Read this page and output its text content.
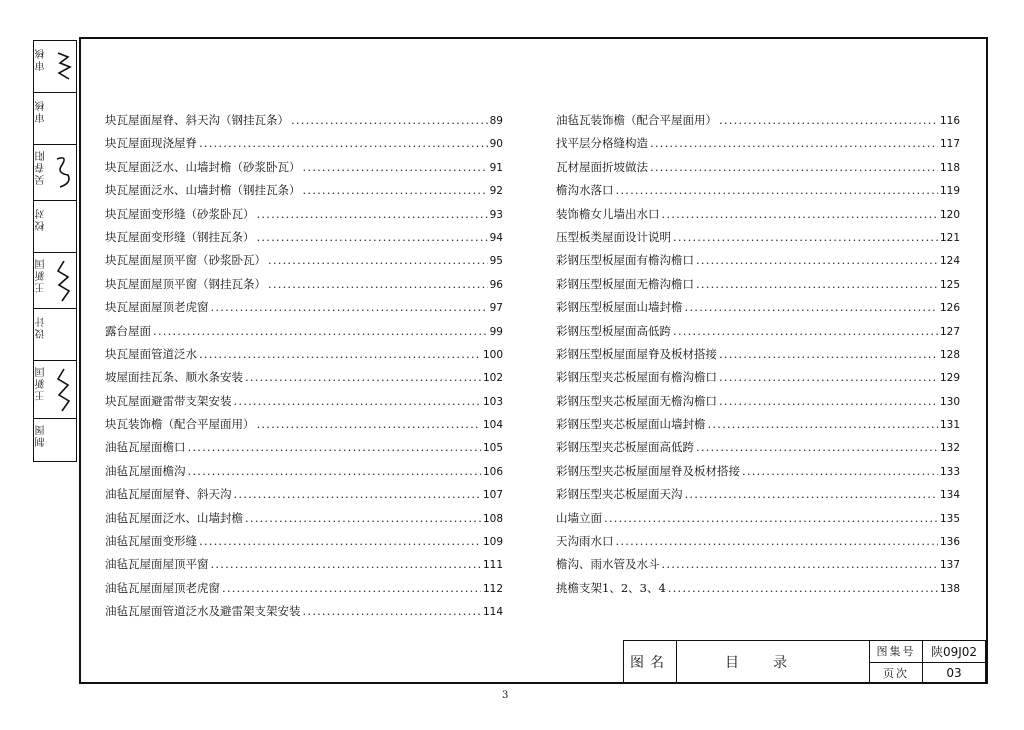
审核
审核
吴春阳
校对
王新国
设计
王新国
制图
块瓦屋面屋脊、斜天沟（钢挂瓦条） .....	89
块瓦屋面现浇屋脊 .....	90
块瓦屋面泛水、山墙封檐（砂浆卧瓦） .....	91
块瓦屋面泛水、山墙封檐（钢挂瓦条） .....	92
块瓦屋面变形缝（砂浆卧瓦） .....	93
块瓦屋面变形缝（钢挂瓦条） .....	94
块瓦屋面屋顶平窗（砂浆卧瓦） .....	95
块瓦屋面屋顶平窗（钢挂瓦条） .....	96
块瓦屋面屋顶老虎窗 .....	97
露台屋面 .....	99
块瓦屋面管道泛水 .....	100
坡屋面挂瓦条、顺水条安装 .....	102
块瓦屋面避雷带支架安装 .....	103
块瓦装饰檐（配合平屋面用） .....	104
油毡瓦屋面檐口 .....	105
油毡瓦屋面檐沟 .....	106
油毡瓦屋面屋脊、斜天沟 .....	107
油毡瓦屋面泛水、山墙封檐 .....	108
油毡瓦屋面变形缝 .....	109
油毡瓦屋面屋顶平窗 .....	111
油毡瓦屋面屋顶老虎窗 .....	112
油毡瓦屋面管道泛水及避雷架支架安装 .....	114
油毡瓦装饰檐（配合平屋面用） .....	116
找平层分格缝构造 .....	117
瓦材屋面折坡做法 .....	118
檐沟水落口 .....	119
装饰檐女儿墙出水口 .....	120
压型板类屋面设计说明 .....	121
彩钢压型板屋面有檐沟檐口 .....	124
彩钢压型板屋面无檐沟檐口 .....	125
彩钢压型板屋面山墙封檐 .....	126
彩钢压型板屋面高低跨 .....	127
彩钢压型板屋面屋脊及板材搭接 .....	128
彩钢压型夹芯板屋面有檐沟檐口 .....	129
彩钢压型夹芯板屋面无檐沟檐口 .....	130
彩钢压型夹芯板屋面山墙封檐 .....	131
彩钢压型夹芯板屋面高低跨 .....	132
彩钢压型夹芯板屋面屋脊及板材搭接 .....	133
彩钢压型夹芯板屋面天沟 .....	134
山墙立面 .....	135
天沟雨水口 .....	136
檐沟、雨水管及水斗 .....	137
挑檐支架1、2、3、4 .....	138
图名	目录	图集号	陕09J02
		页次	03
3
